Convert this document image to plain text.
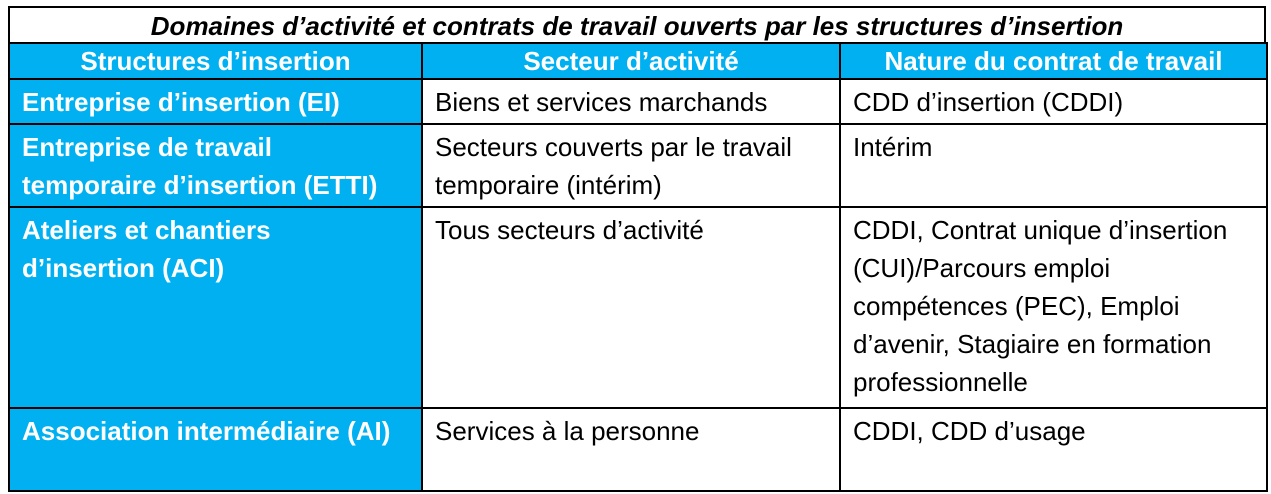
Domaines d’activité et contrats de travail ouverts par les structures d’insertion
Structures d’insertion	Secteur d’activité	Nature du contrat de travail
Entreprise d’insertion (EI)	Biens et services marchands	CDD d’insertion (CDDI)
Entreprise de travail temporaire d’insertion (ETTI)	Secteurs couverts par le travail temporaire (intérim)	Intérim
Ateliers et chantiers d’insertion (ACI)	Tous secteurs d’activité	CDDI, Contrat unique d’insertion (CUI)/Parcours emploi compétences (PEC), Emploi d’avenir, Stagiaire en formation professionnelle
Association intermédiaire (AI)	Services à la personne	CDDI, CDD d’usage
